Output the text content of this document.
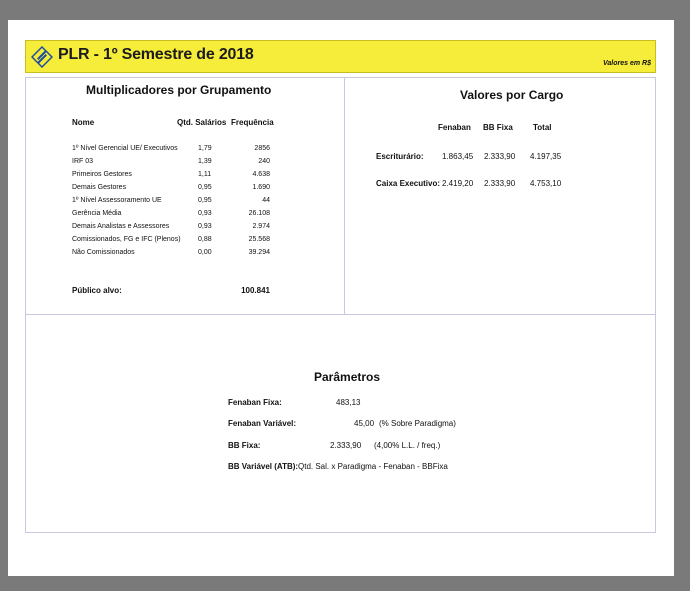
PLR - 1º Semestre de 2018
Valores em R$
Multiplicadores por Grupamento
Nome	Qtd. Salários Frequência
1º Nível Gerencial UE/ Executivos	1,79	2856
IRF 03	1,39	240
Primeiros Gestores	1,11	4.638
Demais Gestores	0,95	1.690
1º Nível Assessoramento UE	0,95	44
Gerência Média	0,93	26.108
Demais Analistas e Assessores	0,93	2.974
Comissionados, FG e IFC (Plenos) 0,88	25.568
Não Comissionados	0,00	39.294
Público alvo:	100.841
Valores por Cargo
Fenaban BB Fixa	Total
Escriturário: 1.863,45 2.333,90 4.197,35
Caixa Executivo: 2.419,20 2.333,90 4.753,10
Parâmetros
Fenaban Fixa:	483,13
Fenaban Variável:	45,00 (% Sobre Paradigma)
BB Fixa:	2.333,90 (4,00% L.L. / freq.)
BB Variável (ATB): Qtd. Sal. x Paradigma - Fenaban - BBFixa
